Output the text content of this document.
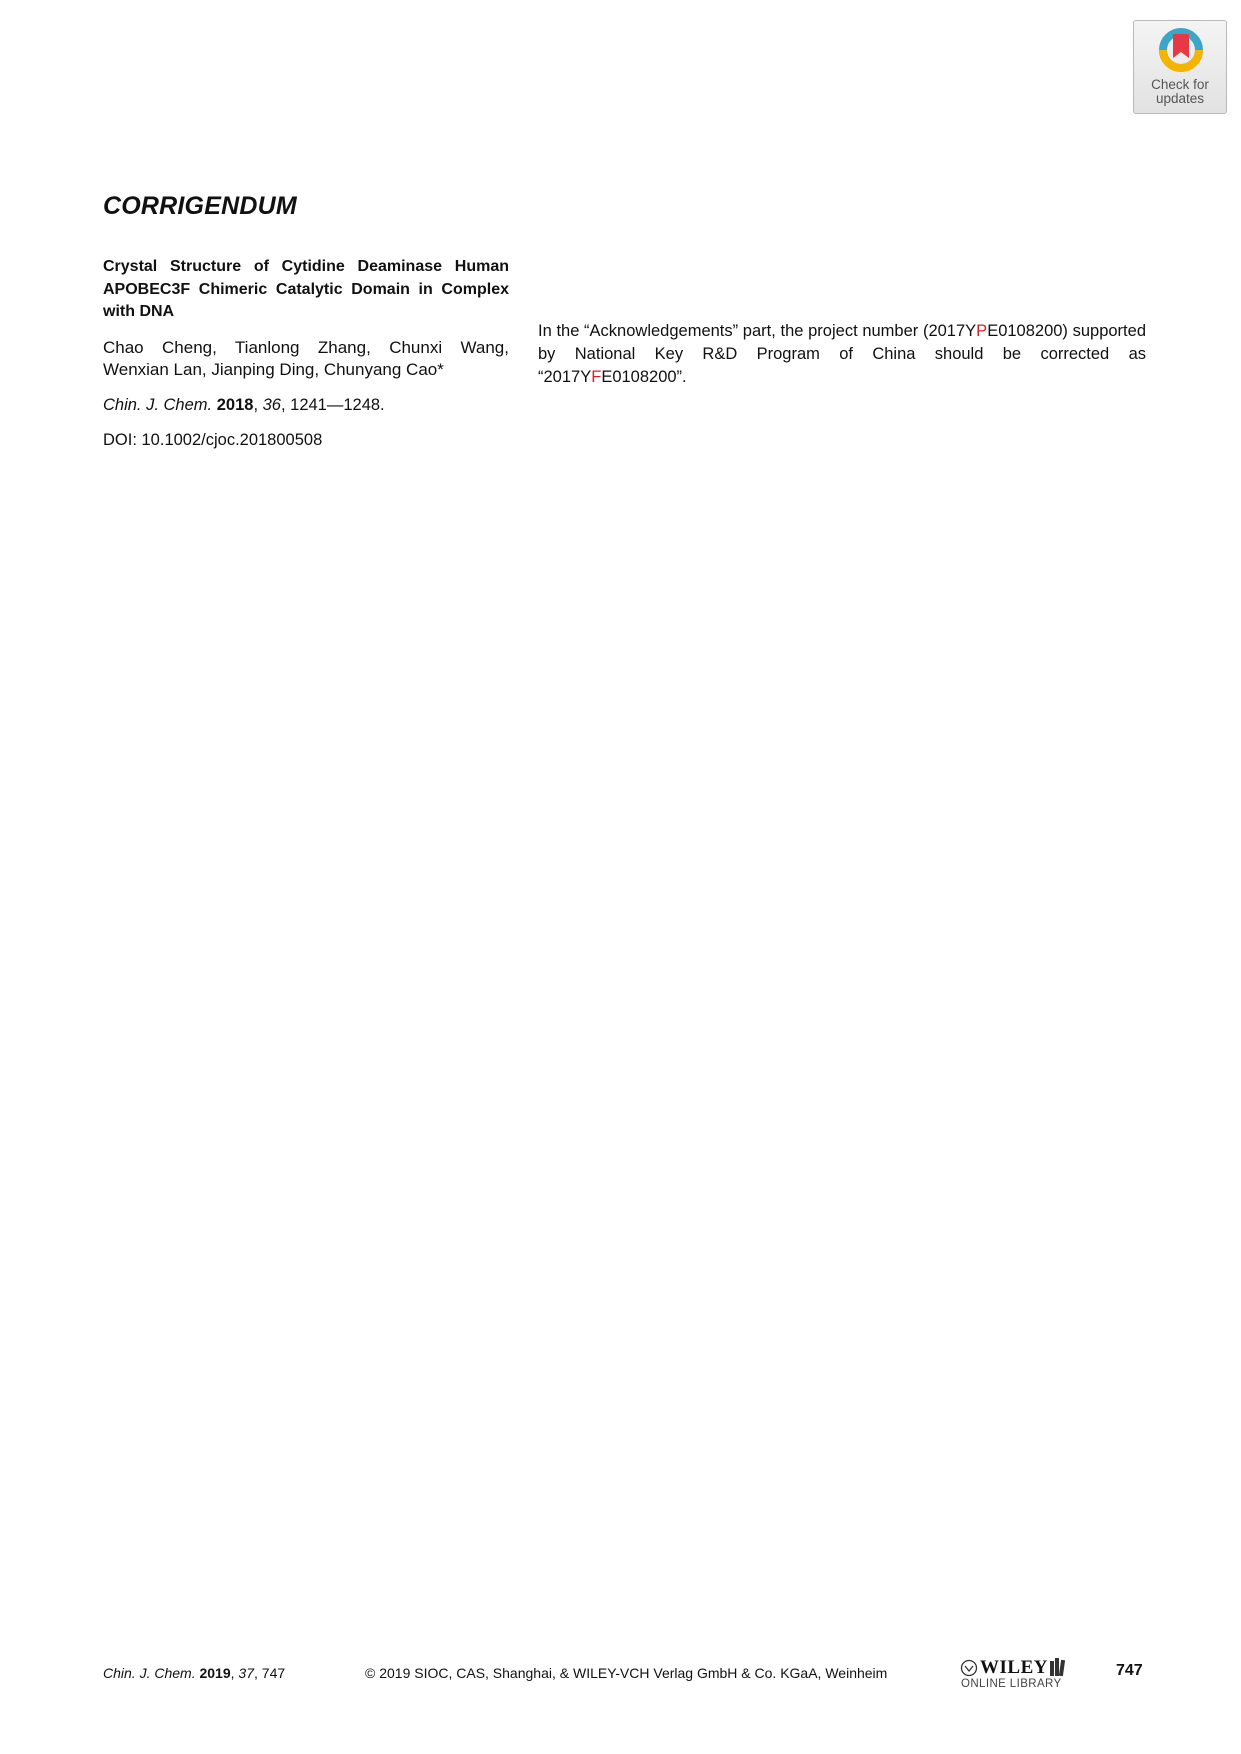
Check for
updates
CORRIGENDUM

Crystal Structure of Cytidine Deaminase Human APOBEC3F Chimeric Catalytic Domain in Complex with DNA

Chao Cheng, Tianlong Zhang, Chunxi Wang, Wenxian Lan, Jianping Ding, Chunyang Cao*

Chin. J. Chem. 2018, 36, 1241—1248.

DOI: 10.1002/cjoc.201800508

In the “Acknowledgements” part, the project number (2017YPE0108200) supported by National Key R&D Program of China should be corrected as “2017YFE0108200”.

Chin. J. Chem. 2019, 37, 747	© 2019 SIOC, CAS, Shanghai, & WILEY-VCH Verlag GmbH & Co. KGaA, Weinheim	WILEY
ONLINE LIBRARY
747
